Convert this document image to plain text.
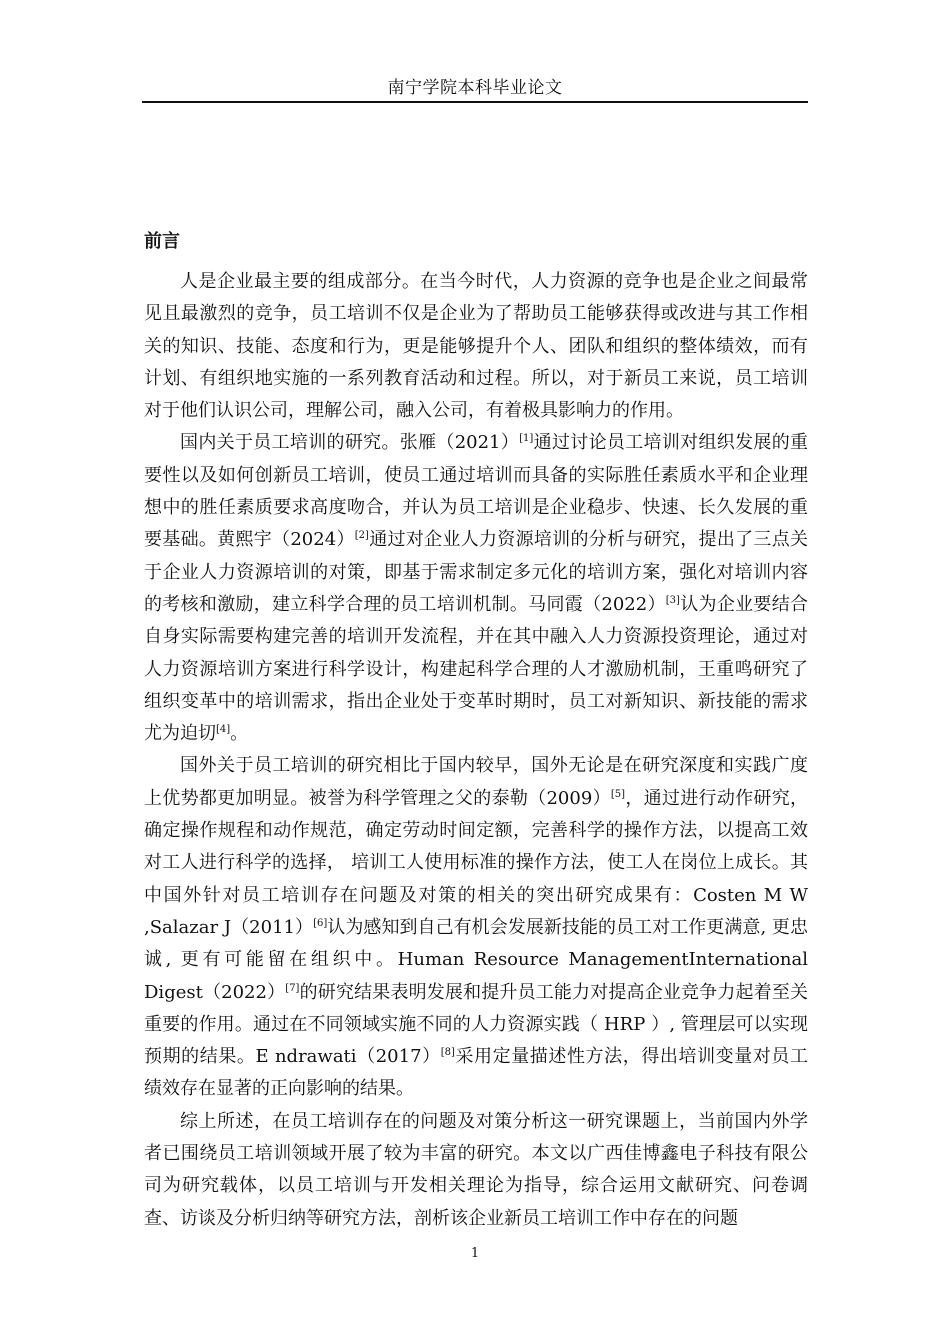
南宁学院本科毕业论文
前言

人是企业最主要的组成部分。在当今时代，人力资源的竞争也是企业之间最常见且最激烈的竞争，员工培训不仅是企业为了帮助员工能够获得或改进与其工作相关的知识、技能、态度和行为，更是能够提升个人、团队和组织的整体绩效，而有计划、有组织地实施的一系列教育活动和过程。所以，对于新员工来说，员工培训对于他们认识公司，理解公司，融入公司，有着极具影响力的作用。

国内关于员工培训的研究。张雁（2021）[1]通过讨论员工培训对组织发展的重要性以及如何创新员工培训，使员工通过培训而具备的实际胜任素质水平和企业理想中的胜任素质要求高度吻合，并认为员工培训是企业稳步、快速、长久发展的重要基础。黄熙宇（2024）[2]通过对企业人力资源培训的分析与研究，提出了三点关于企业人力资源培训的对策，即基于需求制定多元化的培训方案，强化对培训内容的考核和激励，建立科学合理的员工培训机制。马同霞（2022）[3]认为企业要结合自身实际需要构建完善的培训开发流程，并在其中融入人力资源投资理论，通过对人力资源培训方案进行科学设计，构建起科学合理的人才激励机制，王重鸣研究了组织变革中的培训需求，指出企业处于变革时期时，员工对新知识、新技能的需求尤为迫切[4]。

国外关于员工培训的研究相比于国内较早，国外无论是在研究深度和实践广度上优势都更加明显。被誉为科学管理之父的泰勒（2009）[5]，通过进行动作研究，确定操作规程和动作规范，确定劳动时间定额，完善科学的操作方法，以提高工效对工人进行科学的选择， 培训工人使用标准的操作方法，使工人在岗位上成长。其中国外针对员工培训存在问题及对策的相关的突出研究成果有：Costen M W ,Salazar J（2011）[6]认为感知到自己有机会发展新技能的员工对工作更满意, 更忠诚, 更有可能留在组织中。Human Resource ManagementInternational Digest（2022）[7]的研究结果表明发展和提升员工能力对提高企业竞争力起着至关重要的作用。通过在不同领域实施不同的人力资源实践（ HRP ）, 管理层可以实现预期的结果。E ndrawati（2017）[8]采用定量描述性方法，得出培训变量对员工绩效存在显著的正向影响的结果。

综上所述，在员工培训存在的问题及对策分析这一研究课题上，当前国内外学者已围绕员工培训领域开展了较为丰富的研究。本文以广西佳博鑫电子科技有限公司为研究载体，以员工培训与开发相关理论为指导，综合运用文献研究、问卷调查、访谈及分析归纳等研究方法，剖析该企业新员工培训工作中存在的问题

1
